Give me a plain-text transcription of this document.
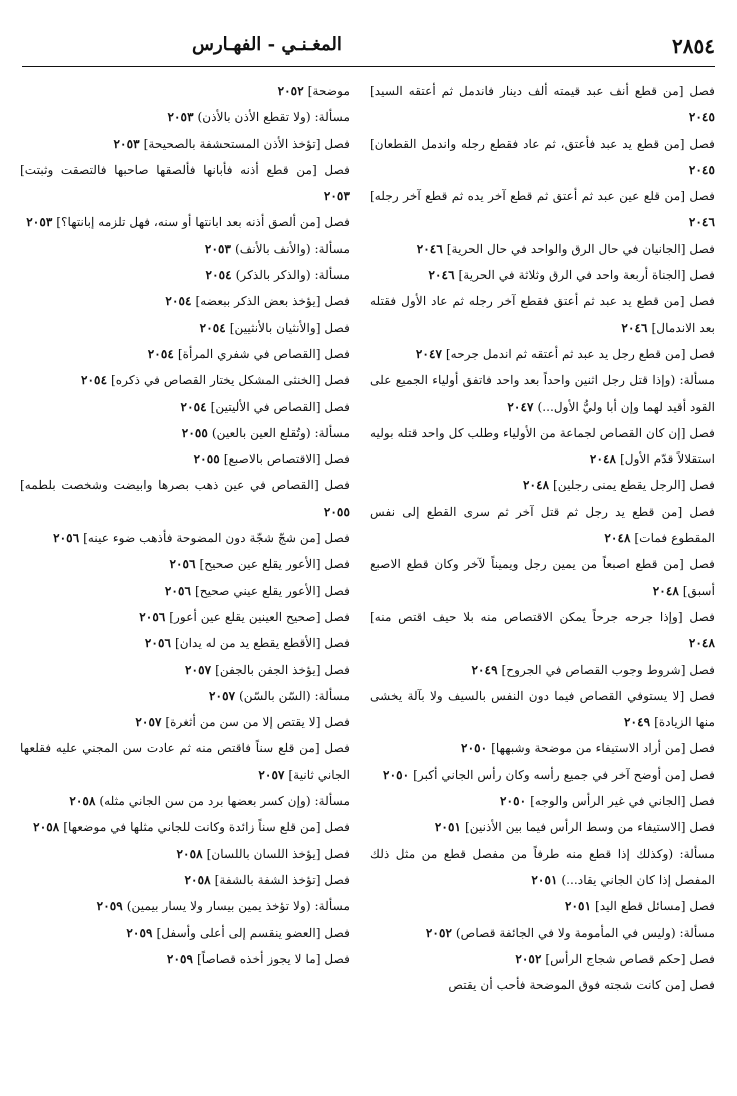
٢٨٥٤
المغـنـي - الفهـارس

فصل [من قطع أنف عبد قيمته ألف دينار فاندمل ثم أعتقه السيد] ٢٠٤٥

فصل [من قطع يد عبد فأعتق، ثم عاد فقطع رجله واندمل القطعان] ٢٠٤٥

فصل [من قلع عين عبد ثم أعتق ثم قطع آخر يده ثم قطع آخر رجله] ٢٠٤٦

فصل [الجانيان في حال الرق والواحد في حال الحرية] ٢٠٤٦

فصل [الجناة أربعة واحد في الرق وثلاثة في الحرية] ٢٠٤٦

فصل [من قطع يد عبد ثم أعتق فقطع آخر رجله ثم عاد الأول فقتله بعد الاندمال] ٢٠٤٦

فصل [من قطع رجل يد عبد ثم أعتقه ثم اندمل جرحه] ٢٠٤٧

مسألة: (وإذا قتل رجل اثنين واحداً بعد واحد فاتفق أولياء الجميع على القود أقيد لهما وإن أبا وليُّ الأول...) ٢٠٤٧

فصل [إن كان القصاص لجماعة من الأولياء وطلب كل واحد قتله بوليه استقلالاً قدّم الأول] ٢٠٤٨

فصل [الرجل يقطع يمنى رجلين] ٢٠٤٨

فصل [من قطع يد رجل ثم قتل آخر ثم سرى القطع إلى نفس المقطوع فمات] ٢٠٤٨

فصل [من قطع اصبعاً من يمين رجل ويميناً لآخر وكان قطع الاصبع أسبق] ٢٠٤٨

فصل [وإذا جرحه جرحاً يمكن الاقتصاص منه بلا حيف اقتص منه] ٢٠٤٨

فصل [شروط وجوب القصاص في الجروح] ٢٠٤٩

فصل [لا يستوفي القصاص فيما دون النفس بالسيف ولا بآلة يخشى منها الزيادة] ٢٠٤٩

فصل [من أراد الاستيفاء من موضحة وشبهها] ٢٠٥٠

فصل [من أوضح آخر في جميع رأسه وكان رأس الجاني أكبر] ٢٠٥٠

فصل [الجاني في غير الرأس والوجه] ٢٠٥٠

فصل [الاستيفاء من وسط الرأس فيما بين الأذنين] ٢٠٥١

مسألة: (وكذلك إذا قطع منه طرفاً من مفصل قطع من مثل ذلك المفصل إذا كان الجاني يقاد...) ٢٠٥١

فصل [مسائل قطع اليد] ٢٠٥١

مسألة: (وليس في المأمومة ولا في الجائفة قصاص) ٢٠٥٢

فصل [حكم قصاص شجاج الرأس] ٢٠٥٢

فصل [من كانت شجته فوق الموضحة فأحب أن يقتص

موضحة] ٢٠٥٢

مسألة: (ولا تقطع الأذن بالأذن) ٢٠٥٣

فصل [تؤخذ الأذن المستحشفة بالصحيحة] ٢٠٥٣

فصل [من قطع أذنه فأبانها فألصقها صاحبها فالتصقت وثبتت] ٢٠٥٣

فصل [من ألصق أذنه بعد ابانتها أو سنه، فهل تلزمه إبانتها؟] ٢٠٥٣

مسألة: (والأنف بالأنف) ٢٠٥٣

مسألة: (والذكر بالذكر) ٢٠٥٤

فصل [يؤخذ بعض الذكر ببعضه] ٢٠٥٤

فصل [والأنثيان بالأنثيين] ٢٠٥٤

فصل [القصاص في شفري المرأة] ٢٠٥٤

فصل [الخنثى المشكل يختار القصاص في ذكره] ٢٠٥٤

فصل [القصاص في الأليتين] ٢٠٥٤

مسألة: (وتُقلع العين بالعين) ٢٠٥٥

فصل [الاقتصاص بالاصبع] ٢٠٥٥

فصل [القصاص في عين ذهب بصرها وابيضت وشخصت بلطمه] ٢٠٥٥

فصل [من شجّ شجّة دون المضوحة فأذهب ضوء عينه] ٢٠٥٦

فصل [الأعور يقلع عين صحيح] ٢٠٥٦

فصل [الأعور يقلع عيني صحيح] ٢٠٥٦

فصل [صحيح العينين يقلع عين أعور] ٢٠٥٦

فصل [الأقطع يقطع يد من له يدان] ٢٠٥٦

فصل [يؤخذ الجفن بالجفن] ٢٠٥٧

مسألة: (السّن بالسّن) ٢٠٥٧

فصل [لا يقتص إلا من سن من أثغرة] ٢٠٥٧

فصل [من قلع سناً فاقتص منه ثم عادت سن المجني عليه فقلعها الجاني ثانية] ٢٠٥٧

مسألة: (وإن كسر بعضها برد من سن الجاني مثله) ٢٠٥٨

فصل [من قلع سناً زائدة وكانت للجاني مثلها في موضعها] ٢٠٥٨

فصل [يؤخذ اللسان باللسان] ٢٠٥٨

فصل [تؤخذ الشفة بالشفة] ٢٠٥٨

مسألة: (ولا تؤخذ يمين بيسار ولا يسار بيمين) ٢٠٥٩

فصل [العضو ينقسم إلى أعلى وأسفل] ٢٠٥٩

فصل [ما لا يجوز أخذه قصاصاً] ٢٠٥٩
